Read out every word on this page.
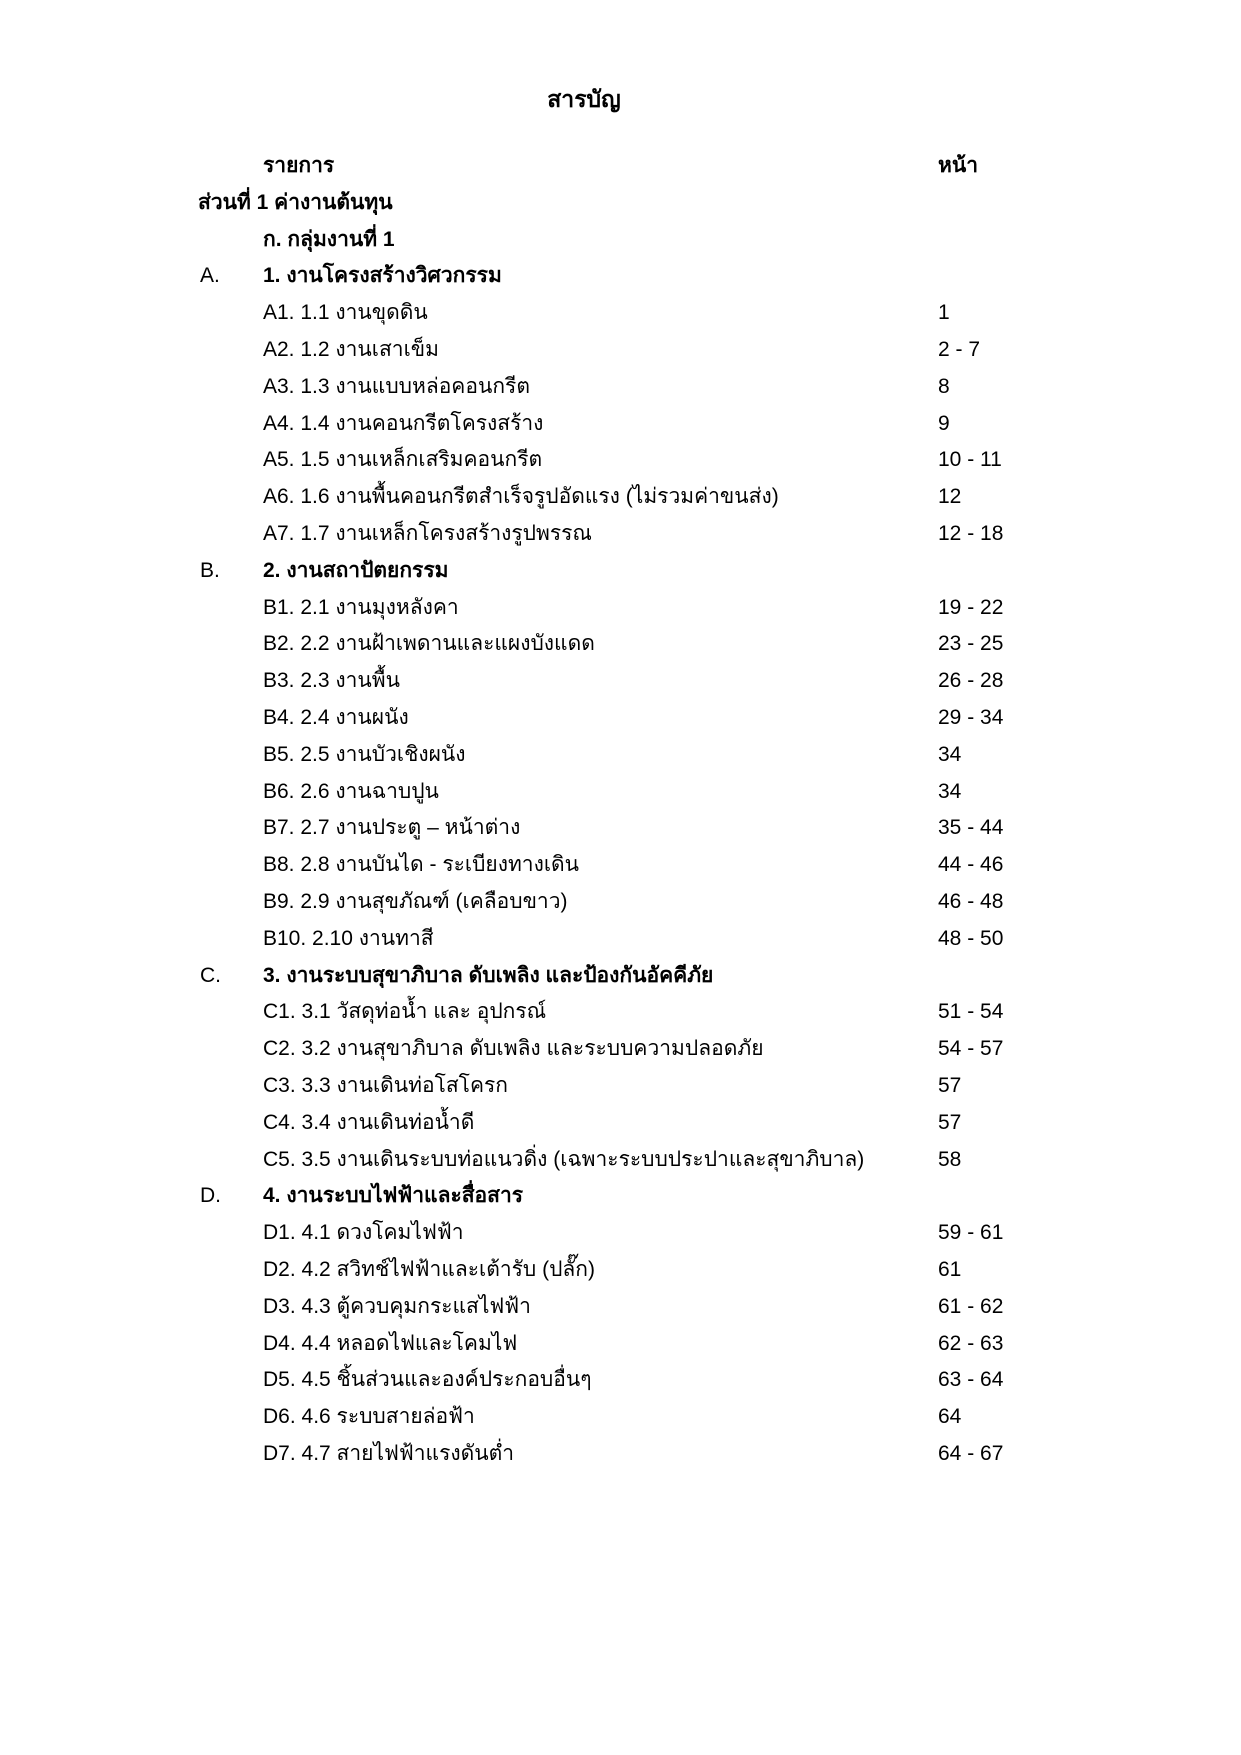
สารบัญ
รายการ	หน้า
ส่วนที่ 1 ค่างานต้นทุน
ก. กลุ่มงานที่ 1
A. 1. งานโครงสร้างวิศวกรรม
A1. 1.1 งานขุดดิน	1
A2. 1.2 งานเสาเข็ม	2 - 7
A3. 1.3 งานแบบหล่อคอนกรีต	8
A4. 1.4 งานคอนกรีตโครงสร้าง	9
A5. 1.5 งานเหล็กเสริมคอนกรีต	10 - 11
A6. 1.6 งานพื้นคอนกรีตสำเร็จรูปอัดแรง (ไม่รวมค่าขนส่ง)	12
A7. 1.7 งานเหล็กโครงสร้างรูปพรรณ	12 - 18
B. 2. งานสถาปัตยกรรม
B1. 2.1 งานมุงหลังคา	19 - 22
B2. 2.2 งานฝ้าเพดานและแผงบังแดด	23 - 25
B3. 2.3 งานพื้น	26 - 28
B4. 2.4 งานผนัง	29 - 34
B5. 2.5 งานบัวเชิงผนัง	34
B6. 2.6 งานฉาบปูน	34
B7. 2.7 งานประตู – หน้าต่าง	35 - 44
B8. 2.8 งานบันได - ระเบียงทางเดิน	44 - 46
B9. 2.9 งานสุขภัณฑ์ (เคลือบขาว)	46 - 48
B10. 2.10 งานทาสี	48 - 50
C. 3. งานระบบสุขาภิบาล ดับเพลิง และป้องกันอัคคีภัย
C1. 3.1 วัสดุท่อน้ำ และ อุปกรณ์	51 - 54
C2. 3.2 งานสุขาภิบาล ดับเพลิง และระบบความปลอดภัย	54 - 57
C3. 3.3 งานเดินท่อโสโครก	57
C4. 3.4 งานเดินท่อน้ำดี	57
C5. 3.5 งานเดินระบบท่อแนวดิ่ง (เฉพาะระบบประปาและสุขาภิบาล)	58
D. 4. งานระบบไฟฟ้าและสื่อสาร
D1. 4.1 ดวงโคมไฟฟ้า	59 - 61
D2. 4.2 สวิทช์ไฟฟ้าและเต้ารับ (ปลั๊ก)	61
D3. 4.3 ตู้ควบคุมกระแสไฟฟ้า	61 - 62
D4. 4.4 หลอดไฟและโคมไฟ	62 - 63
D5. 4.5 ชิ้นส่วนและองค์ประกอบอื่นๆ	63 - 64
D6. 4.6 ระบบสายล่อฟ้า	64
D7. 4.7 สายไฟฟ้าแรงดันต่ำ	64 - 67
